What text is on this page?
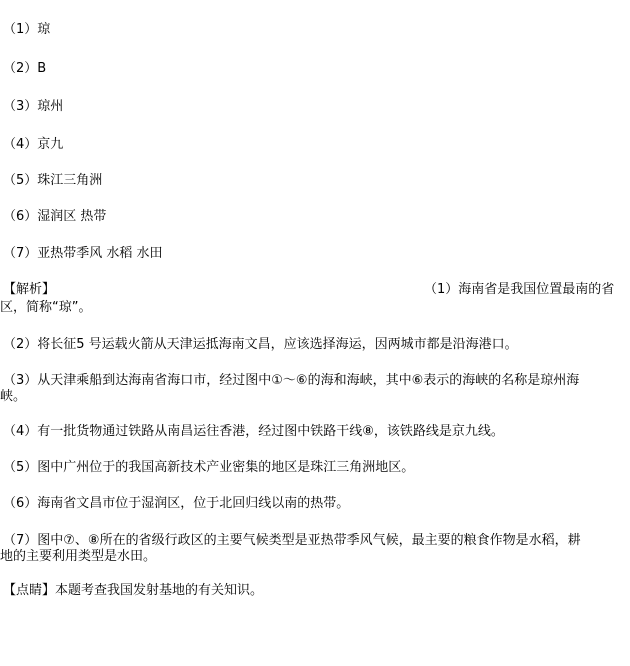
（1）琼
（2）B
（3）琼州
（4）京九
（5）珠江三角洲
（6）湿润区 热带
（7）亚热带季风 水稻 水田
【解析】	（1）海南省是我国位置最南的省
区，简称“琼”。
（2）将长征5 号运载火箭从天津运抵海南文昌，应该选择海运，因两城市都是沿海港口。
（3）从天津乘船到达海南省海口市，经过图中①～⑥的海和海峡，其中⑥表示的海峡的名称是琼州海
峡。
（4）有一批货物通过铁路从南昌运往香港，经过图中铁路干线⑧，该铁路线是京九线。
（5）图中广州位于的我国高新技术产业密集的地区是珠江三角洲地区。
（6）海南省文昌市位于湿润区，位于北回归线以南的热带。
（7）图中⑦、⑧所在的省级行政区的主要气候类型是亚热带季风气候，最主要的粮食作物是水稻，耕
地的主要利用类型是水田。
【点睛】本题考查我国发射基地的有关知识。
